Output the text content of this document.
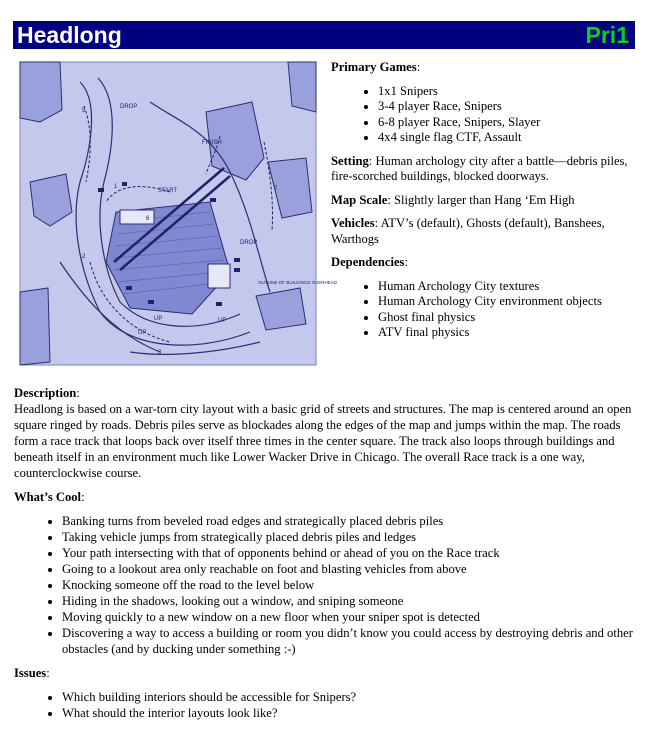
Headlong	Pri1
DROP
FINISH
START
DROP
OUTLINE OF BUILDINGS OVERHEAD
UP
UP	UP
1
2
3
5
6
7

Primary Games:

• 1x1 Snipers
• 3-4 player Race, Snipers
• 6-8 player Race, Snipers, Slayer
• 4x4 single flag CTF, Assault

Setting: Human archology city after a battle—debris piles, fire-scorched buildings, blocked doorways.

Map Scale: Slightly larger than Hang ‘Em High

Vehicles: ATV’s (default), Ghosts (default), Banshees, Warthogs

Dependencies:

• Human Archology City textures
• Human Archology City environment objects
• Ghost final physics
• ATV final physics

Description:

Headlong is based on a war-torn city layout with a basic grid of streets and structures. The map is centered around an open square ringed by roads. Debris piles serve as blockades along the edges of the map and jumps within the map. The roads form a race track that loops back over itself three times in the center square. The track also loops through buildings and beneath itself in an environment much like Lower Wacker Drive in Chicago. The overall Race track is a one way, counterclockwise course.

What’s Cool:

• Banking turns from beveled road edges and strategically placed debris piles
• Taking vehicle jumps from strategically placed debris piles and ledges
• Your path intersecting with that of opponents behind or ahead of you on the Race track
• Going to a lookout area only reachable on foot and blasting vehicles from above
• Knocking someone off the road to the level below
• Hiding in the shadows, looking out a window, and sniping someone
• Moving quickly to a new window on a new floor when your sniper spot is detected
• Discovering a way to access a building or room you didn’t know you could access by destroying debris and other obstacles (and by ducking under something :-)

Issues:

• Which building interiors should be accessible for Snipers?
• What should the interior layouts look like?
